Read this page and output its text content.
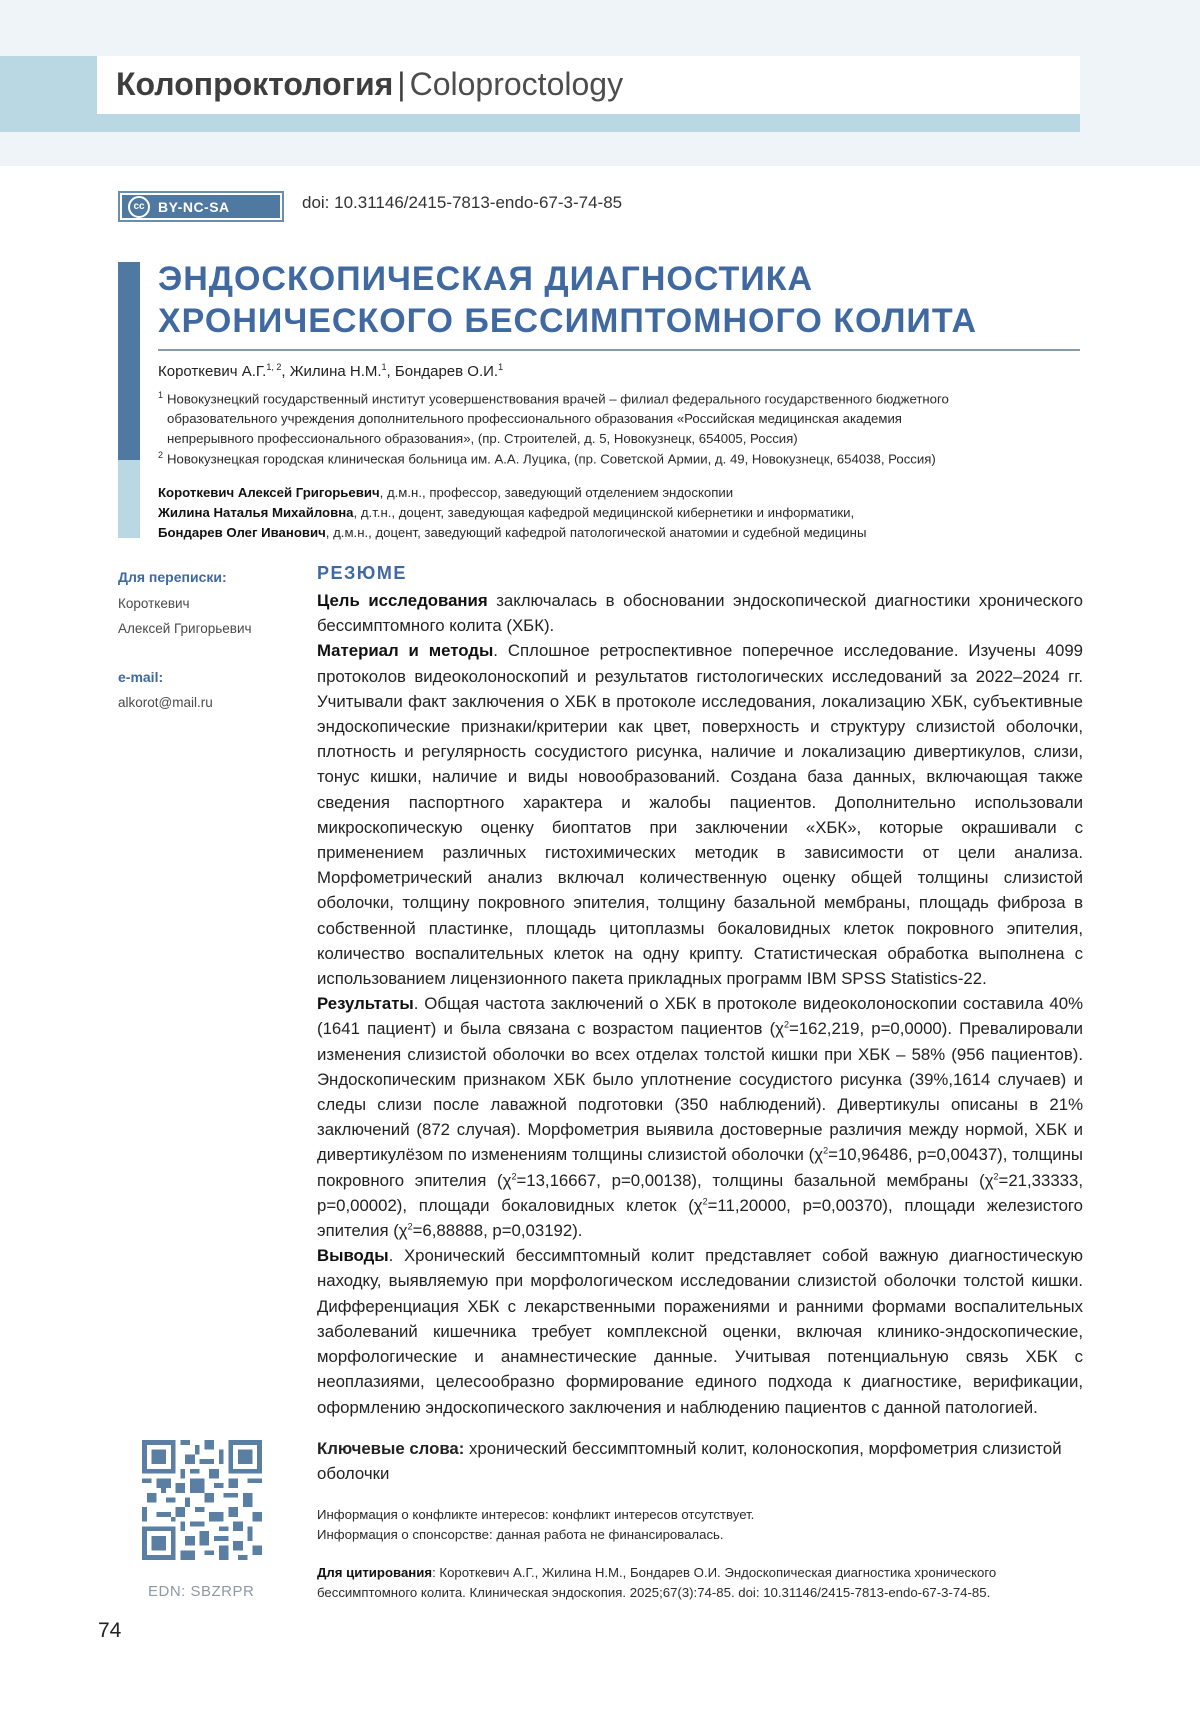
Колопроктология | Coloproctology
cc BY-NC-SA	doi: 10.31146/2415-7813-endo-67-3-74-85
ЭНДОСКОПИЧЕСКАЯ ДИАГНОСТИКА
ХРОНИЧЕСКОГО БЕССИМПТОМНОГО КОЛИТА
Короткевич А.Г.$^{1, 2}$, Жилина Н.М.$^1$, Бондарев О.И.$^1$
$^1$ Новокузнецкий государственный институт усовершенствования врачей – филиал федерального государственного бюджетного
образовательного учреждения дополнительного профессионального образования «Российская медицинская академия
непрерывного профессионального образования», (пр. Строителей, д. 5, Новокузнецк, 654005, Россия)
$^2$ Новокузнецкая городская клиническая больница им. А.А. Луцика, (пр. Советской Армии, д. 49, Новокузнецк, 654038, Россия)
Короткевич Алексей Григорьевич, д.м.н., профессор, заведующий отделением эндоскопии
Жилина Наталья Михайловна, д.т.н., доцент, заведующая кафедрой медицинской кибернетики и информатики,
Бондарев Олег Иванович, д.м.н., доцент, заведующий кафедрой патологической анатомии и судебной медицины
Для переписки:
Короткевич
Алексей Григорьевич
e-mail:
alkorot@mail.ru
EDN: SBZRPR
74
РЕЗЮМЕ

Цель исследования заключалась в обосновании эндоскопической диагностики хронического бессимптомного колита (ХБК).

Материал и методы. Сплошное ретроспективное поперечное исследование. Изучены 4099 протоколов видеоколоноскопий и результатов гистологических исследований за 2022–2024 гг. Учитывали факт заключения о ХБК в протоколе исследования, локализацию ХБК, субъективные эндоскопические признаки/критерии как цвет, поверхность и структуру слизистой оболочки, плотность и регулярность сосудистого рисунка, наличие и локализацию дивертикулов, слизи, тонус кишки, наличие и виды новообразований. Создана база данных, включающая также сведения паспортного характера и жалобы пациентов. Дополнительно использовали микроскопическую оценку биоптатов при заключении «ХБК», которые окрашивали с применением различных гистохимических методик в зависимости от цели анализа. Морфометрический анализ включал количественную оценку общей толщины слизистой оболочки, толщину покровного эпителия, толщину базальной мембраны, площадь фиброза в собственной пластинке, площадь цитоплазмы бокаловидных клеток покровного эпителия, количество воспалительных клеток на одну крипту. Статистическая обработка выполнена с использованием лицензионного пакета прикладных программ IBM SPSS Statistics-22.

Результаты. Общая частота заключений о ХБК в протоколе видеоколоноскопии составила 40% (1641 пациент) и была связана с возрастом пациентов ($\chi^2=162,219$, p=0,0000). Превалировали изменения слизистой оболочки во всех отделах толстой кишки при ХБК – 58% (956 пациентов). Эндоскопическим признаком ХБК было уплотнение сосудистого рисунка (39%,1614 случаев) и следы слизи после лаважной подготовки (350 наблюдений). Дивертикулы описаны в 21% заключений (872 случая). Морфометрия выявила достоверные различия между нормой, ХБК и дивертикулёзом по изменениям толщины слизистой оболочки ($\chi^2=10,96486$, p=0,00437), толщины покровного эпителия ($\chi^2=13,16667$, p=0,00138), толщины базальной мембраны ($\chi^2=21,33333$, p=0,00002), площади бокаловидных клеток ($\chi^2=11,20000$, p=0,00370), площади железистого эпителия ($\chi^2=6,88888$, p=0,03192).

Выводы. Хронический бессимптомный колит представляет собой важную диагностическую находку, выявляемую при морфологическом исследовании слизистой оболочки толстой кишки. Дифференциация ХБК с лекарственными поражениями и ранними формами воспалительных заболеваний кишечника требует комплексной оценки, включая клинико-эндоскопические, морфологические и анамнестические данные. Учитывая потенциальную связь ХБК с неоплазиями, целесообразно формирование единого подхода к диагностике, верификации, оформлению эндоскопического заключения и наблюдению пациентов с данной патологией.

Ключевые слова: хронический бессимптомный колит, колоноскопия, морфометрия слизистой оболочки
Информация о конфликте интересов: конфликт интересов отсутствует.
Информация о спонсорстве: данная работа не финансировалась.
Для цитирования: Короткевич А.Г., Жилина Н.М., Бондарев О.И. Эндоскопическая диагностика хронического бессимптомного колита. Клиническая эндоскопия. 2025;67(3):74-85. doi: 10.31146/2415-7813-endo-67-3-74-85.
